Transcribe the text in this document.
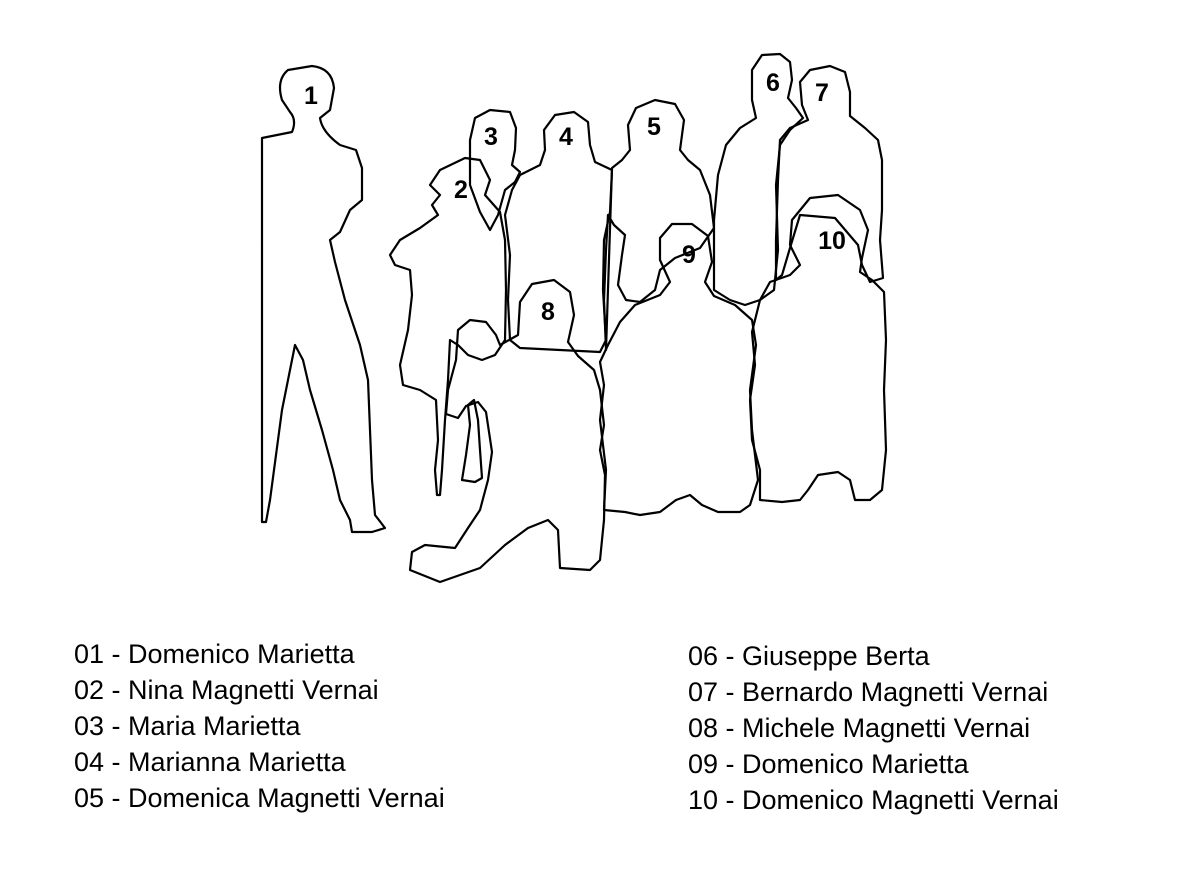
1
2
3 4	5
6 7
8
9	10
01 - Domenico Marietta
02 - Nina Magnetti Vernai
03 - Maria Marietta
04 - Marianna Marietta
05 - Domenica Magnetti Vernai
06 - Giuseppe Berta
07 - Bernardo Magnetti Vernai
08 - Michele Magnetti Vernai
09 - Domenico Marietta
10 - Domenico Magnetti Vernai
